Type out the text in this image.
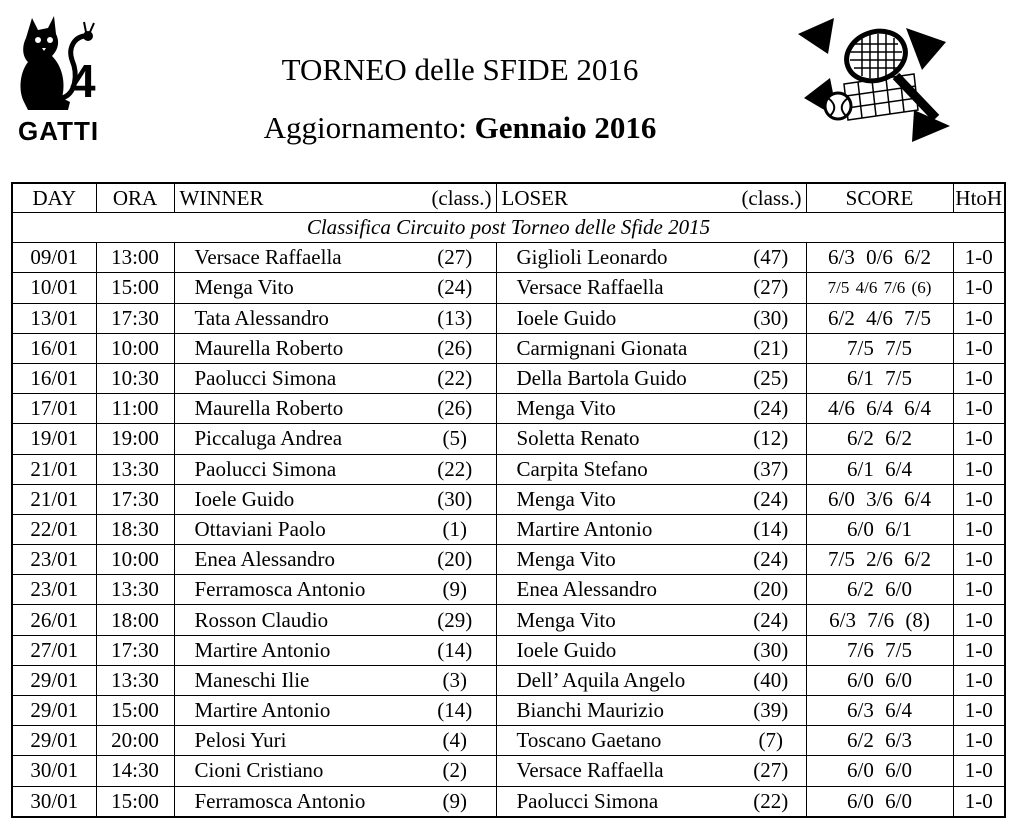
4
GATTI
TORNEO delle SFIDE 2016
Aggiornamento: Gennaio 2016
DAY	ORA	WINNER	(class.)	LOSER	(class.)	SCORE	HtoH
Classifica Circuito post Torneo delle Sfide 2015							
09/01	13:00	Versace Raffaella	(27)	Giglioli Leonardo	(47)	6/3 0/6 6/2	1-0
10/01	15:00	Menga Vito	(24)	Versace Raffaella	(27)	7/5 4/6 7/6 (6)	1-0
13/01	17:30	Tata Alessandro	(13)	Ioele Guido	(30)	6/2 4/6 7/5	1-0
16/01	10:00	Maurella Roberto	(26)	Carmignani Gionata	(21)	7/5 7/5	1-0
16/01	10:30	Paolucci Simona	(22)	Della Bartola Guido	(25)	6/1 7/5	1-0
17/01	11:00	Maurella Roberto	(26)	Menga Vito	(24)	4/6 6/4 6/4	1-0
19/01	19:00	Piccaluga Andrea	(5)	Soletta Renato	(12)	6/2 6/2	1-0
21/01	13:30	Paolucci Simona	(22)	Carpita Stefano	(37)	6/1 6/4	1-0
21/01	17:30	Ioele Guido	(30)	Menga Vito	(24)	6/0 3/6 6/4	1-0
22/01	18:30	Ottaviani Paolo	(1)	Martire Antonio	(14)	6/0 6/1	1-0
23/01	10:00	Enea Alessandro	(20)	Menga Vito	(24)	7/5 2/6 6/2	1-0
23/01	13:30	Ferramosca Antonio	(9)	Enea Alessandro	(20)	6/2 6/0	1-0
26/01	18:00	Rosson Claudio	(29)	Menga Vito	(24)	6/3 7/6 (8)	1-0
27/01	17:30	Martire Antonio	(14)	Ioele Guido	(30)	7/6 7/5	1-0
29/01	13:30	Maneschi Ilie	(3)	Dell’ Aquila Angelo	(40)	6/0 6/0	1-0
29/01	15:00	Martire Antonio	(14)	Bianchi Maurizio	(39)	6/3 6/4	1-0
29/01	20:00	Pelosi Yuri	(4)	Toscano Gaetano	(7)	6/2 6/3	1-0
30/01	14:30	Cioni Cristiano	(2)	Versace Raffaella	(27)	6/0 6/0	1-0
30/01	15:00	Ferramosca Antonio	(9)	Paolucci Simona	(22)	6/0 6/0	1-0
